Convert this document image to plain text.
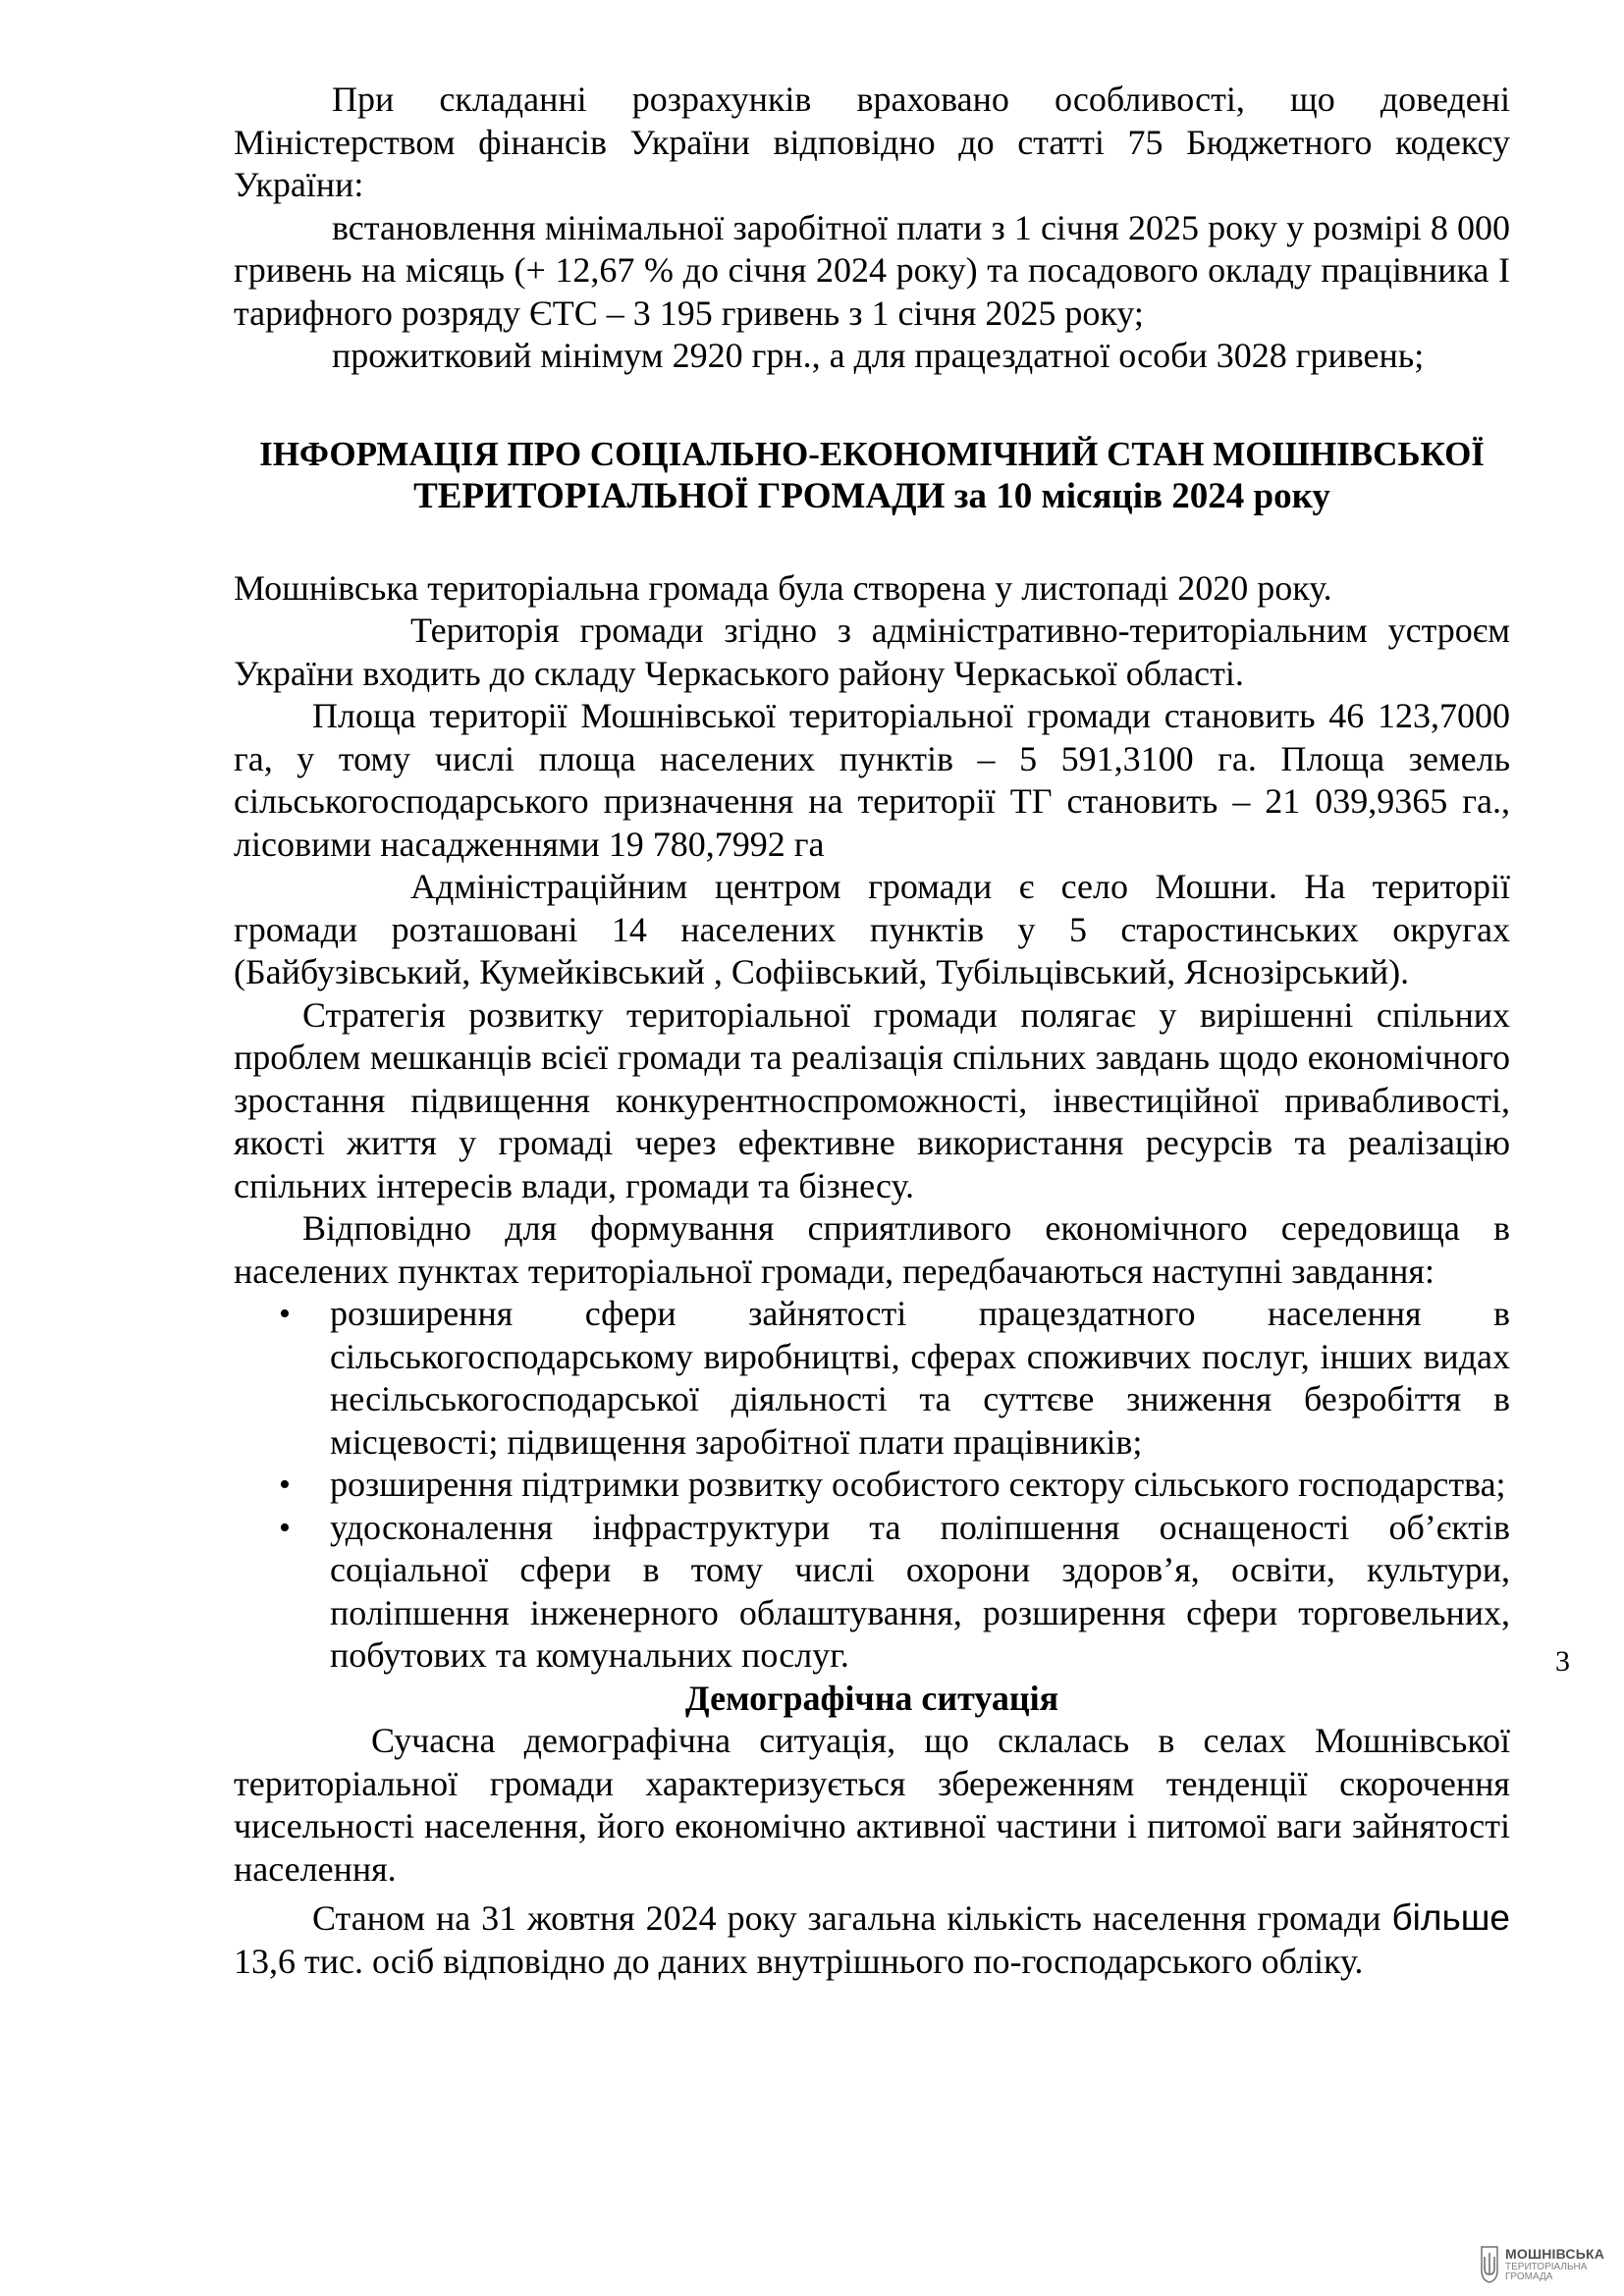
При складанні розрахунків враховано особливості, що доведені Міністерством фінансів України відповідно до статті 75 Бюджетного кодексу України:

встановлення мінімальної заробітної плати з 1 січня 2025 року у розмірі 8 000 гривень на місяць (+ 12,67 % до січня 2024 року) та посадового окладу працівника І тарифного розряду ЄТС – 3 195 гривень з 1 січня 2025 року;

прожитковий мінімум 2920 грн., а для працездатної особи 3028 гривень;

ІНФОРМАЦІЯ ПРО СОЦІАЛЬНО-ЕКОНОМІЧНИЙ СТАН МОШНІВСЬКОЇ
ТЕРИТОРІАЛЬНОЇ ГРОМАДИ за 10 місяців 2024 року

Мошнівська територіальна громада була створена у листопаді 2020 року.

Територія громади згідно з адміністративно-територіальним устроєм України входить до складу Черкаського району Черкаської області.

Площа території Мошнівської територіальної громади становить 46 123,7000 га, у тому числі площа населених пунктів – 5 591,3100 га. Площа земель сільськогосподарського призначення на території ТГ становить – 21 039,9365 га., лісовими насадженнями 19 780,7992 га

Адміністраційним центром громади є село Мошни. На території громади розташовані 14 населених пунктів у 5 старостинських округах (Байбузівський, Кумейківський , Софіівський, Тубільцівський, Яснозірський).

Стратегія розвитку територіальної громади полягає у вирішенні спільних проблем мешканців всієї громади та реалізація спільних завдань щодо економічного зростання підвищення конкурентноспроможності, інвестиційної привабливості, якості життя у громаді через ефективне використання ресурсів та реалізацію спільних інтересів влади, громади та бізнесу.

Відповідно для формування сприятливого економічного середовища в населених пунктах територіальної громади, передбачаються наступні завдання:

• розширення сфери зайнятості працездатного населення в сільськогосподарському виробництві, сферах споживчих послуг, інших видах несільськогосподарської діяльності та суттєве зниження безробіття в місцевості; підвищення заробітної плати працівників;
• розширення підтримки розвитку особистого сектору сільського господарства;
• удосконалення інфраструктури та поліпшення оснащеності об’єктів соціальної сфери в тому числі охорони здоров’я, освіти, культури, поліпшення інженерного облаштування, розширення сфери торговельних, побутових та комунальних послуг.
Демографічна ситуація

Сучасна демографічна ситуація, що склалась в селах Мошнівської територіальної громади характеризується збереженням тенденції скорочення чисельності населення, його економічно активної частини і питомої ваги зайнятості населення.

Станом на 31 жовтня 2024 року загальна кількість населення громади більше 13,6 тис. осіб відповідно до даних внутрішнього по-господарського обліку.

3
МОШНІВСЬКА
ТЕРИТОРІАЛЬНА
ГРОМАДА
